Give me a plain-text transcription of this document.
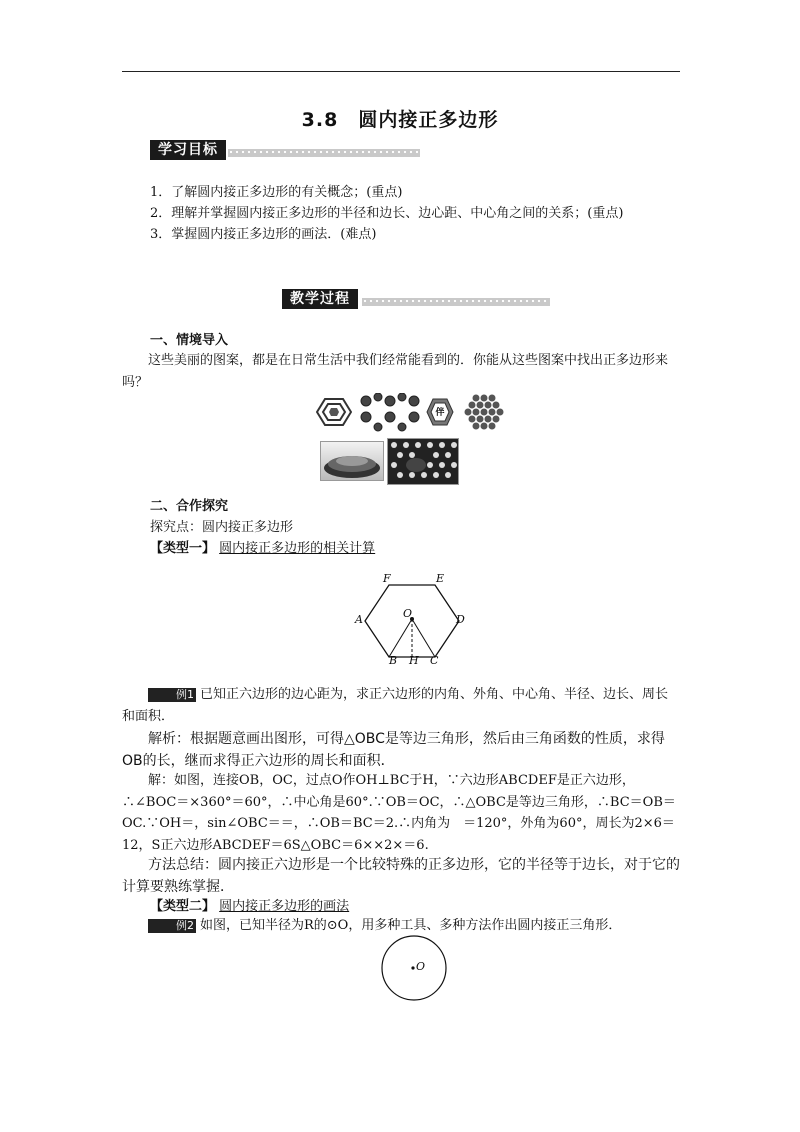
3.8　圆内接正多边形
学习目标
1．了解圆内接正多边形的有关概念；(重点)
2．理解并掌握圆内接正多边形的半径和边长、边心距、中心角之间的关系；(重点)
3．掌握圆内接正多边形的画法．(难点)
教学过程
一、情境导入
这些美丽的图案，都是在日常生活中我们经常能看到的．你能从这些图案中找出正多边形来吗？
伴
二、合作探究
探究点：圆内接正多边形
【类型一】 圆内接正多边形的相关计算
F	E
A	O	D
B H C
例1 已知正六边形的边心距为，求正六边形的内角、外角、中心角、半径、边长、周长和面积．
解析：根据题意画出图形，可得△OBC是等边三角形，然后由三角函数的性质，求得OB的长，继而求得正六边形的周长和面积．
解：如图，连接OB，OC，过点O作OH⊥BC于H，∵六边形ABCDEF是正六边形，∴∠BOC＝×360°＝60°，∴中心角是60°.∵OB＝OC，∴△OBC是等边三角形，∴BC＝OB＝OC.∵OH＝，sin∠OBC＝＝，∴OB＝BC＝2.∴内角为　＝120°，外角为60°，周长为2×6＝12，S正六边形ABCDEF＝6S△OBC＝6××2×＝6.
方法总结：圆内接正六边形是一个比较特殊的正多边形，它的半径等于边长，对于它的计算要熟练掌握．
【类型二】 圆内接正多边形的画法
例2 如图，已知半径为R的⊙O，用多种工具、多种方法作出圆内接正三角形．
O
